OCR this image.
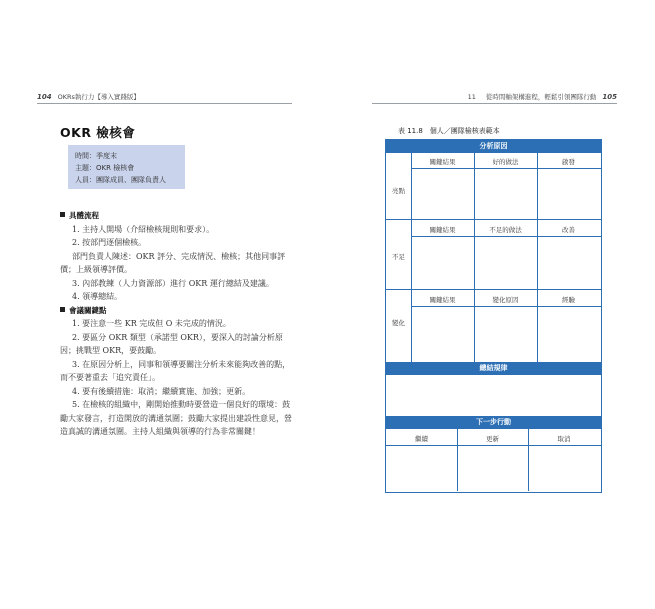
104 OKRs執行力【導入實踐版】	11 從時間軸架構進程，輕鬆引領團隊行動 105
OKR 檢核會
時間：季度末
主題：OKR 檢核會
人員：團隊成員、團隊負責人
具體流程

1. 主持人開場（介紹檢核規則和要求）。

2. 按部門逐個檢核。

部門負責人陳述：OKR 評分、完成情況、檢核；其他同事評價；上級領導評價。

3. 內部教練（人力資源部）進行 OKR 運行總結及建議。

4. 領導總結。

會議關鍵點

1. 要注意一些 KR 完成但 O 未完成的情況。

2. 要區分 OKR 類型（承諾型 OKR），要深入的討論分析原因；挑戰型 OKR，要鼓勵。

3. 在原因分析上，同事和領導要關注分析未來能夠改善的點，而不要著重去「追究責任」。

4. 要有後續措施：取消；繼續實施、加強；更新。

5. 在檢核的組織中，剛開始推動時要營造一個良好的環境：鼓勵大家發言，打造開放的溝通氛圍；鼓勵大家提出建設性意見，營造真誠的溝通氛圍。主持人組織與領導的行為非常關鍵！

表 11.8　個人／團隊檢核表範本
分析原因
關鍵結果	好的做法	啟發
亮點
關鍵結果	不足的做法	改善
不足
關鍵結果	變化原因	經驗
變化
總結規律
下一步行動
繼續	更新	取消
